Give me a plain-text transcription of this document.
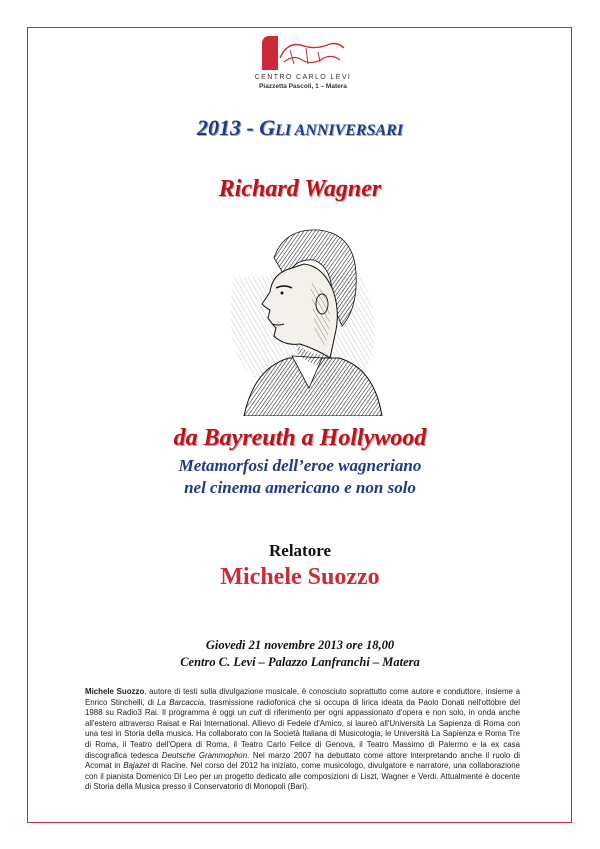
CENTRO CARLO LEVI
Piazzetta Pascoli, 1 – Matera
2013 - GLI ANNIVERSARI
Richard Wagner
da Bayreuth a Hollywood
Metamorfosi dell’eroe wagneriano
nel cinema americano e non solo
Relatore
Michele Suozzo
Giovedì 21 novembre 2013 ore 18,00
Centro C. Levi – Palazzo Lanfranchi – Matera
Michele Suozzo, autore di testi sulla divulgazione musicale, è conosciuto soprattutto come autore e conduttore, insieme a Enrico Stinchelli, di La Barcaccia, trasmissione radiofonica che si occupa di lirica ideata da Paolo Donati nell'ottobre del 1988 su Radio3 Rai. Il programma è oggi un cult di riferimento per ogni appassionato d'opera e non solo, in onda anche all'estero attraverso Raisat e Rai International. Allievo di Fedele d'Amico, si laureò all'Università La Sapienza di Roma con una tesi in Storia della musica. Ha collaborato con la Società Italiana di Musicologia, le Università La Sapienza e Roma Tre di Roma, il Teatro dell'Opera di Roma, il Teatro Carlo Felice di Genova, il Teatro Massimo di Palermo e la ex casa discografica tedesca Deutsche Grammophon. Nel marzo 2007 ha debuttato come attore interpretando anche il ruolo di Acomat in Bajazet di Racine. Nel corso del 2012 ha iniziato, come musicologo, divulgatore e narratore, una collaborazione con il pianista Domenico Di Leo per un progetto dedicato alle composizioni di Liszt, Wagner e Verdi. Attualmente è docente di Storia della Musica presso il Conservatorio di Monopoli (Bari).
